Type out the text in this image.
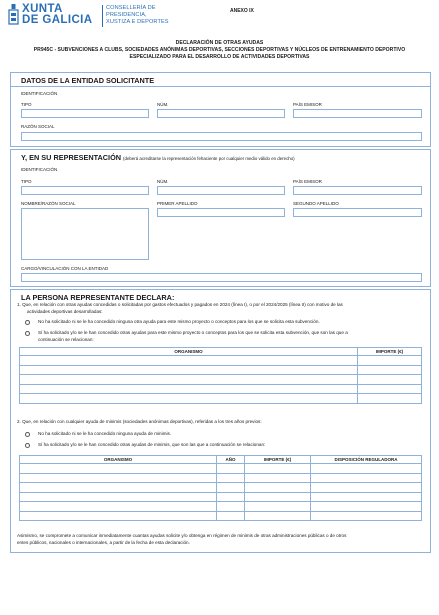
XUNTA
DE GALICIA
CONSELLERÍA DE
PRESIDENCIA,
XUSTIZA E DEPORTES
ANEXO IX
DECLARACIÓN DE OTRAS AYUDAS
PR945C - SUBVENCIONES A CLUBS, SOCIEDADES ANÓNIMAS DEPORTIVAS, SECCIONES DEPORTIVAS Y NÚCLEOS DE ENTRENAMIENTO DEPORTIVO
ESPECIALIZADO PARA EL DESARROLLO DE ACTIVIDADES DEPORTIVAS
DATOS DE LA ENTIDAD SOLICITANTE
IDENTIFICACIÓN
TIPO	NÚM.	PAÍS EMISOR
RAZÓN SOCIAL
Y, EN SU REPRESENTACIÓN (deberá acreditarse la representación fehaciente por cualquier medio válido en derecho)
IDENTIFICACIÓN
TIPO	NÚM.	PAÍS EMISOR
NOMBRE/RAZÓN SOCIAL	PRIMER APELLIDO	SEGUNDO APELLIDO
CARGO/VINCULACIÓN CON LA ENTIDAD
LA PERSONA REPRESENTANTE DECLARA:
1. Que, en relación con otras ayudas concedidas o solicitadas por gastos efectuados y pagados en 2024 (línea I), o por el 2024/2025 (línea II) con motivo de las
actividades deportivas desarrolladas:
No ha solicitado ni se le ha concedido ninguna otra ayuda para este mismo proyecto o conceptos para los que se solicita esta subvención.
Sí ha solicitado y/o se le han concedido otras ayudas para este mismo proyecto o conceptos para los que se solicita esta subvención, que son las que a
continuación se relacionan:
ORGANISMO	IMPORTE (€)

2. Que, en relación con cualquier ayuda de minimis (sociedades anónimas deportivas), referidas a los tres años previos:
No ha solicitado ni se le ha concedido ninguna ayuda de minimis.
Sí ha solicitado y/o se le han concedido otras ayudas de minimis, que son las que a continuación se relacionan:
ORGANISMO	AÑO	IMPORTE (€)	DISPOSICIÓN REGULADORA

Asimismo, se compromete a comunicar inmediatamente cuantas ayudas solicite y/o obtenga en régimen de minimis de otras administraciones públicas o de otros
entes públicos, nacionales o internacionales, a partir de la fecha de esta declaración.
